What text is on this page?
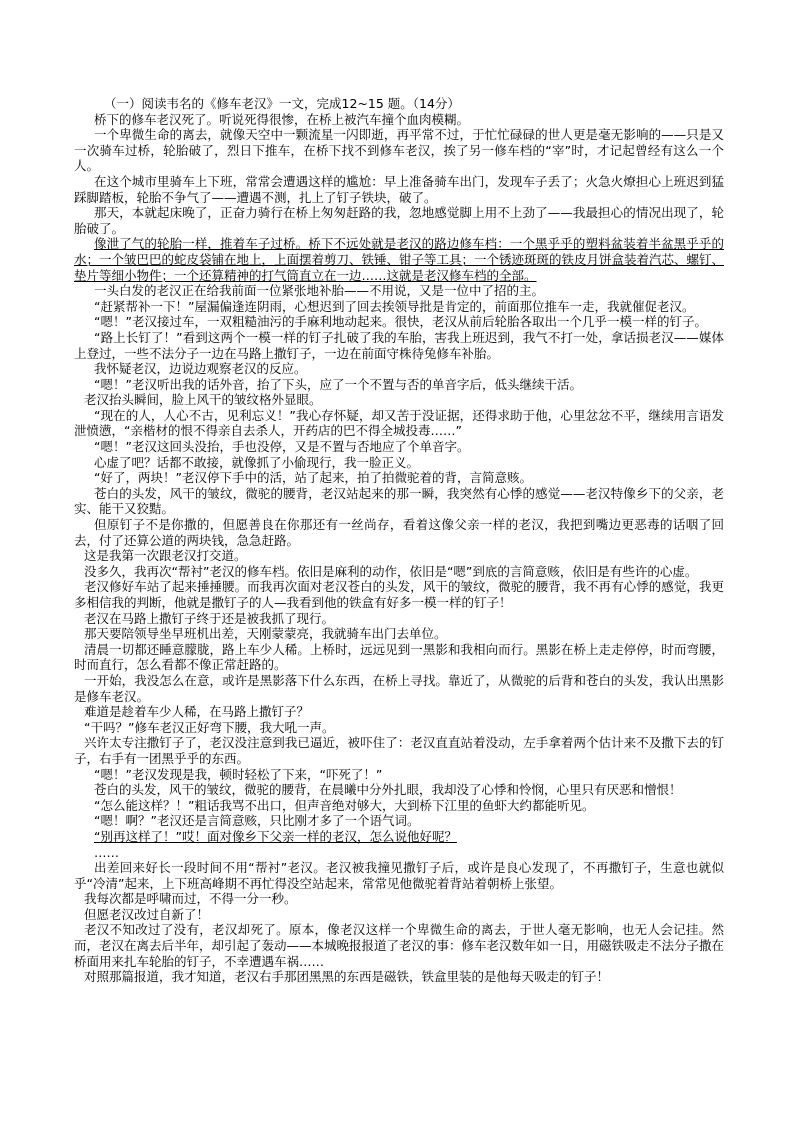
（一）阅读韦名的《修车老汉》一文，完成12~15 题。（14分）

桥下的修车老汉死了。听说死得很惨，在桥上被汽车撞个血肉模糊。

一个卑微生命的离去，就像天空中一颗流星一闪即逝，再平常不过，于忙忙碌碌的世人更是毫无影响的——只是又一次骑车过桥，轮胎破了，烈日下推车，在桥下找不到修车老汉，挨了另一修车档的“宰”时，才记起曾经有这么一个人。

在这个城市里骑车上下班，常常会遭遇这样的尴尬：早上准备骑车出门，发现车子丢了；火急火燎担心上班迟到猛踩脚踏板，轮胎不争气了——遭遇不测，扎上了钉子铁块，破了。

那天，本就起床晚了，正奋力骑行在桥上匆匆赶路的我，忽地感觉脚上用不上劲了——我最担心的情况出现了，轮胎破了。

像泄了气的轮胎一样，推着车子过桥。桥下不远处就是老汉的路边修车档：一个黑乎乎的塑料盆装着半盆黑乎乎的水；一个皱巴巴的蛇皮袋铺在地上，上面摆着剪刀、铁锤、钳子等工具；一个锈迹斑斑的铁皮月饼盒装着汽芯、螺钉、垫片等细小物件；一个还算精神的打气筒直立在一边……这就是老汉修车档的全部。

一头白发的老汉正在给我前面一位紧张地补胎——不用说，又是一位中了招的主。

“赶紧帮补一下！”屋漏偏逢连阴雨，心想迟到了回去挨领导批是肯定的，前面那位推车一走，我就催促老汉。

“嗯！”老汉接过车，一双粗糙油污的手麻利地动起来。很快，老汉从前后轮胎各取出一个几乎一模一样的钉子。

“路上长钉了！”看到这两个一模一样的钉子扎破了我的车胎，害我上班迟到，我气不打一处，拿话损老汉——媒体上登过，一些不法分子一边在马路上撒钉子，一边在前面守株待兔修车补胎。

我怀疑老汉，边说边观察老汉的反应。

“嗯！”老汉听出我的话外音，抬了下头，应了一个不置与否的单音字后，低头继续干活。

老汉抬头瞬间，脸上风干的皱纹格外显眼。

“现在的人，人心不古，见利忘义！”我心存怀疑，却又苦于没证据，还得求助于他，心里忿忿不平，继续用言语发泄愤懑，“亲楷材的恨不得亲自去杀人，开药店的巴不得全城投毒……”

“嗯！”老汉这回头没抬，手也没停，又是不置与否地应了个单音字。

心虚了吧？话都不敢接，就像抓了小偷现行，我一脸正义。

“好了，两块！”老汉停下手中的活，站了起来，拍了拍微驼着的背，言简意赅。

苍白的头发，风干的皱纹，微驼的腰背，老汉站起来的那一瞬，我突然有心悸的感觉——老汉特像乡下的父亲，老实、能干又狡黠。

但原钉子不是你撒的，但愿善良在你那还有一丝尚存，看着这像父亲一样的老汉，我把到嘴边更恶毒的话咽了回去，付了还算公道的两块钱，急急赶路。

这是我第一次跟老汉打交道。

没多久，我再次“帮衬”老汉的修车档。依旧是麻利的动作，依旧是“嗯”到底的言简意赅，依旧是有些许的心虚。

老汉修好车站了起来捶捶腰。而我再次面对老汉苍白的头发，风干的皱纹，微驼的腰背，我不再有心悸的感觉，我更多相信我的判断，他就是撒钉子的人—我看到他的铁盒有好多一模一样的钉子！

老汉在马路上撒钉子终于还是被我抓了现行。

那天要陪领导坐早班机出差，天刚蒙蒙亮，我就骑车出门去单位。

清晨一切都还睡意朦胧，路上车少人稀。上桥时，远远见到一黑影和我相向而行。黑影在桥上走走停停，时而弯腰，时而直行，怎么看都不像正常赶路的。

一开始，我没怎么在意，或许是黑影落下什么东西，在桥上寻找。靠近了，从微驼的后背和苍白的头发，我认出黑影是修车老汉。

难道是趁着车少人稀，在马路上撒钉子？

“干吗？”修车老汉正好弯下腰，我大吼一声。

兴许太专注撒钉子了，老汉没注意到我已逼近，被吓住了：老汉直直站着没动，左手拿着两个估计来不及撒下去的钉子，右手有一团黑乎乎的东西。

“嗯！”老汉发现是我，顿时轻松了下来，“吓死了！”

苍白的头发，风干的皱纹，微驼的腰背，在晨曦中分外扎眼，我却没了心悸和怜悯，心里只有厌恶和憎恨！

“怎么能这样？！”粗话我骂不出口，但声音绝对够大，大到桥下江里的鱼虾大约都能听见。

“嗯！啊？”老汉还是言简意赅，只比刚才多了一个语气词。

“别再这样了！”哎！面对像乡下父亲一样的老汉，怎么说他好呢？

……

出差回来好长一段时间不用“帮衬”老汉。老汉被我撞见撒钉子后，或许是良心发现了，不再撒钉子，生意也就似乎“冷清”起来，上下班高峰期不再忙得没空站起来，常常见他微驼着背站着朝桥上张望。

我每次都是呼啸而过，不得一分一秒。

但愿老汉改过自新了！

老汉不知改过了没有，老汉却死了。原本，像老汉这样一个卑微生命的离去，于世人毫无影响，也无人会记挂。然而，老汉在离去后半年，却引起了轰动——本城晚报报道了老汉的事：修车老汉数年如一日，用磁铁吸走不法分子撒在桥面用来扎车轮胎的钉子，不幸遭遇车祸……

对照那篇报道，我才知道，老汉右手那团黑黑的东西是磁铁，铁盒里装的是他每天吸走的钉子！
